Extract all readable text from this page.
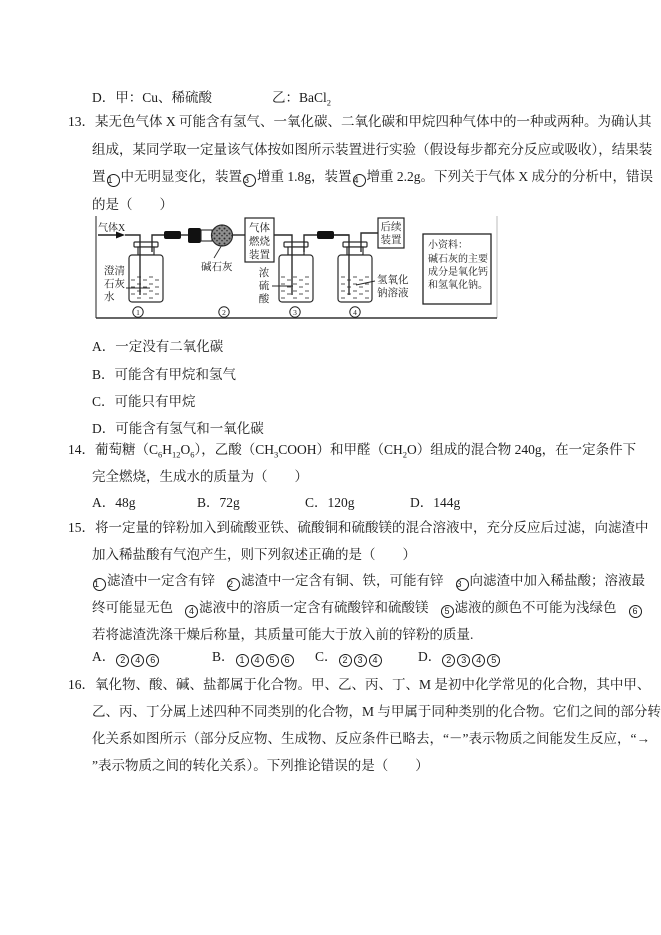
D．甲：Cu、稀硫酸	乙：BaCl$_2$
13．某无色气体 X 可能含有氢气、一氧化碳、二氧化碳和甲烷四种气体中的一种或两种。为确认其
组成，某同学取一定量该气体按如图所示装置进行实验（假设每步都充分反应或吸收），结果装
置 1 中无明显变化，装置 3 增重 1.8g，装置 4 增重 2.2g。下列关于气体 X 成分的分析中，错误
的是（　　）
气体X
澄清
石灰
水
碱石灰
气体
燃烧
装置
浓
硫
酸
氢氧化
钠溶液
后续
装置	小资料：
碱石灰的主要
成分是氧化钙
和氢氧化钠。
1	2	3	4
A．一定没有二氧化碳
B．可能含有甲烷和氢气
C．可能只有甲烷
D．可能含有氢气和一氧化碳
14．葡萄糖$(C_6H_{12}O_6)$，乙酸$(CH_3COOH)$和甲醛$(CH_2O)$组成的混合物 240g，在一定条件下
完全燃烧，生成水的质量为（　　）
A．48g	B．72g	C．120g	D．144g
15．将一定量的锌粉加入到硫酸亚铁、硫酸铜和硫酸镁的混合溶液中，充分反应后过滤，向滤渣中
加入稀盐酸有气泡产生，则下列叙述正确的是（　　）
1 滤渣中一定含有锌 2 滤渣中一定含有铜、铁，可能有锌 3 向滤渣中加入稀盐酸；溶液最
终可能显无色 4 滤液中的溶质一定含有硫酸锌和硫酸镁 5 滤液的颜色不可能为浅绿色 6
若将滤渣洗涤干燥后称量，其质量可能大于放入前的锌粉的质量.
A． 2 4 6	B． 1 4 5 6	C． 2 3 4	D． 2 3 4 5
16．氧化物、酸、碱、盐都属于化合物。甲、乙、丙、丁、M 是初中化学常见的化合物，其中甲、
乙、丙、丁分属上述四种不同类别的化合物，M 与甲属于同种类别的化合物。它们之间的部分转
化关系如图所示（部分反应物、生成物、反应条件已略去，“－”表示物质之间能发生反应，“→
”表示物质之间的转化关系）。下列推论错误的是（　　）
